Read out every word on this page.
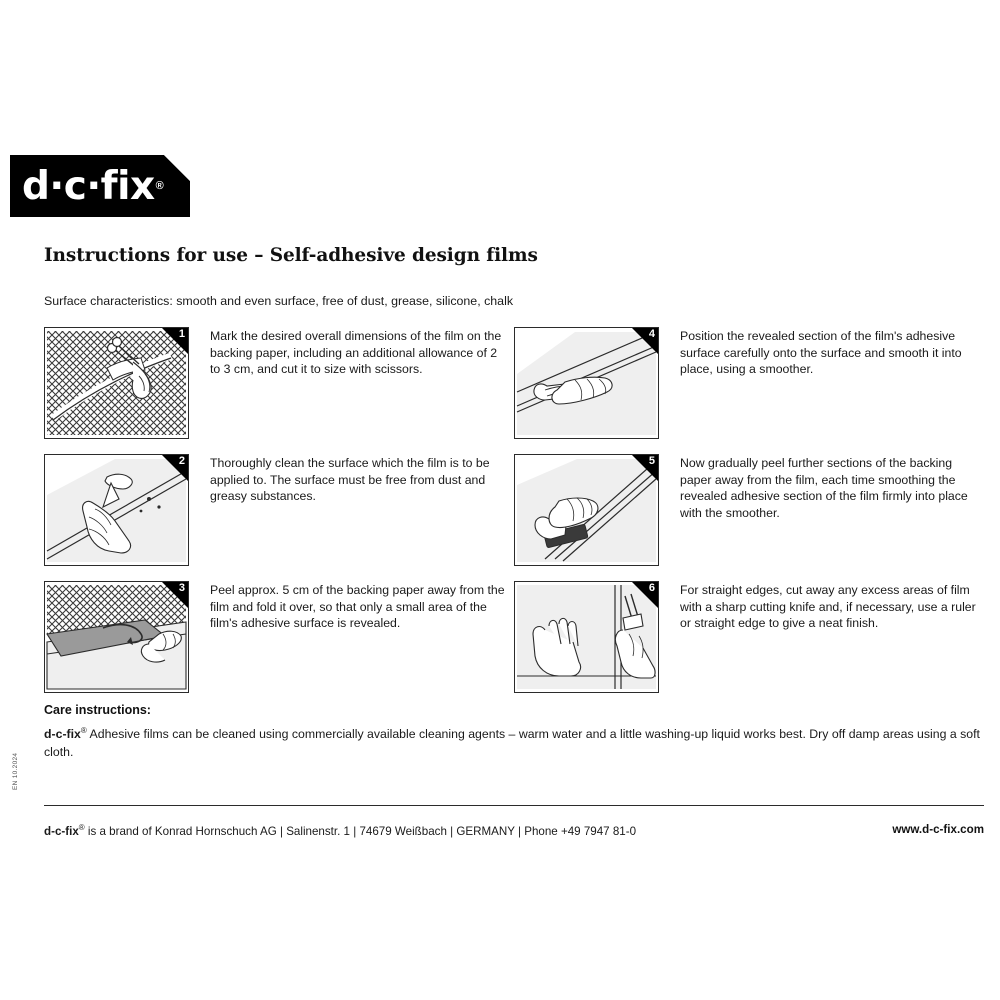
d·c·fix ®
Instructions for use – Self-adhesive design films
Surface characteristics: smooth and even surface, free of dust, grease, silicone, chalk
1	Mark the desired overall dimensions of the film on the backing paper, including an additional allowance of 2 to 3 cm, and cut it to size with scissors.
4	Position the revealed section of the film's adhesive surface carefully onto the surface and smooth it into place, using a smoother.
2	Thoroughly clean the surface which the film is to be applied to. The surface must be free from dust and greasy substances.
5	Now gradually peel further sections of the backing paper away from the film, each time smoothing the revealed adhesive section of the film firmly into place with the smoother.
3	Peel approx. 5 cm of the backing paper away from the film and fold it over, so that only a small area of the film's adhesive surface is revealed.
6	For straight edges, cut away any excess areas of film with a sharp cutting knife and, if necessary, use a ruler or straight edge to give a neat finish.
Care instructions:
d-c-fix® Adhesive films can be cleaned using commercially available cleaning agents – warm water and a little washing-up liquid works best. Dry off damp areas using a soft cloth.
d-c-fix® is a brand of Konrad Hornschuch AG | Salinenstr. 1 | 74679 Weißbach | GERMANY | Phone +49 7947 81-0	www.d-c-fix.com
EN 10.2024
